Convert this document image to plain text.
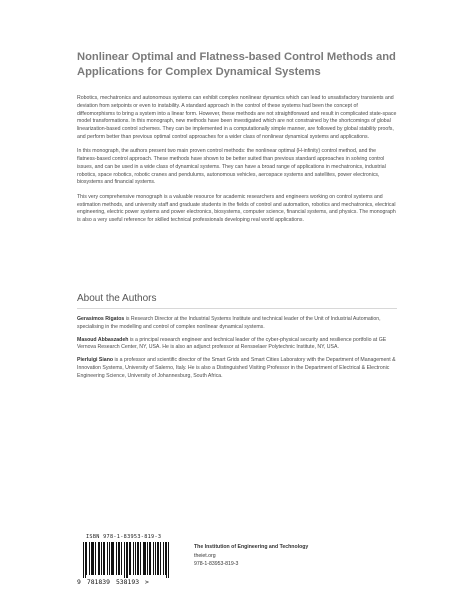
Nonlinear Optimal and Flatness-based Control Methods and Applications for Complex Dynamical Systems

Robotics, mechatronics and autonomous systems can exhibit complex nonlinear dynamics which can lead to unsatisfactory transients and deviation from setpoints or even to instability. A standard approach in the control of these systems had been the concept of diffeomorphisms to bring a system into a linear form. However, these methods are not straightforward and result in complicated state-space model transformations. In this monograph, new methods have been investigated which are not constrained by the shortcomings of global linearization-based control schemes. They can be implemented in a computationally simple manner, are followed by global stability proofs, and perform better than previous optimal control approaches for a wider class of nonlinear dynamical systems and applications.

In this monograph, the authors present two main proven control methods: the nonlinear optimal (H-infinity) control method, and the flatness-based control approach. These methods have shown to be better suited than previous standard approaches in solving control issues, and can be used in a wide class of dynamical systems. They can have a broad range of applications in mechatronics, industrial robotics, space robotics, robotic cranes and pendulums, autonomous vehicles, aerospace systems and satellites, power electronics, biosystems and financial systems.

This very comprehensive monograph is a valuable resource for academic researchers and engineers working on control systems and estimation methods, and university staff and graduate students in the fields of control and automation, robotics and mechatronics, electrical engineering, electric power systems and power electronics, biosystems, computer science, financial systems, and physics. The monograph is also a very useful reference for skilled technical professionals developing real world applications.

About the Authors

Gerasimos Rigatos is Research Director at the Industrial Systems Institute and technical leader of the Unit of Industrial Automation, specialising in the modelling and control of complex nonlinear dynamical systems.

Masoud Abbaszadeh is a principal research engineer and technical leader of the cyber-physical security and resilience portfolio at GE Vernova Research Center, NY, USA. He is also an adjunct professor at Rensselaer Polytechnic Institute, NY, USA.

Pierluigi Siano is a professor and scientific director of the Smart Grids and Smart Cities Laboratory with the Department of Management & Innovation Systems, University of Salerno, Italy. He is also a Distinguished Visiting Professor in the Department of Electrical & Electronic Engineering Science, University of Johannesburg, South Africa.

ISBN 978-1-83953-819-3
9 781839 538193 >
The Institution of Engineering and Technology
theiet.org
978-1-83953-819-3
